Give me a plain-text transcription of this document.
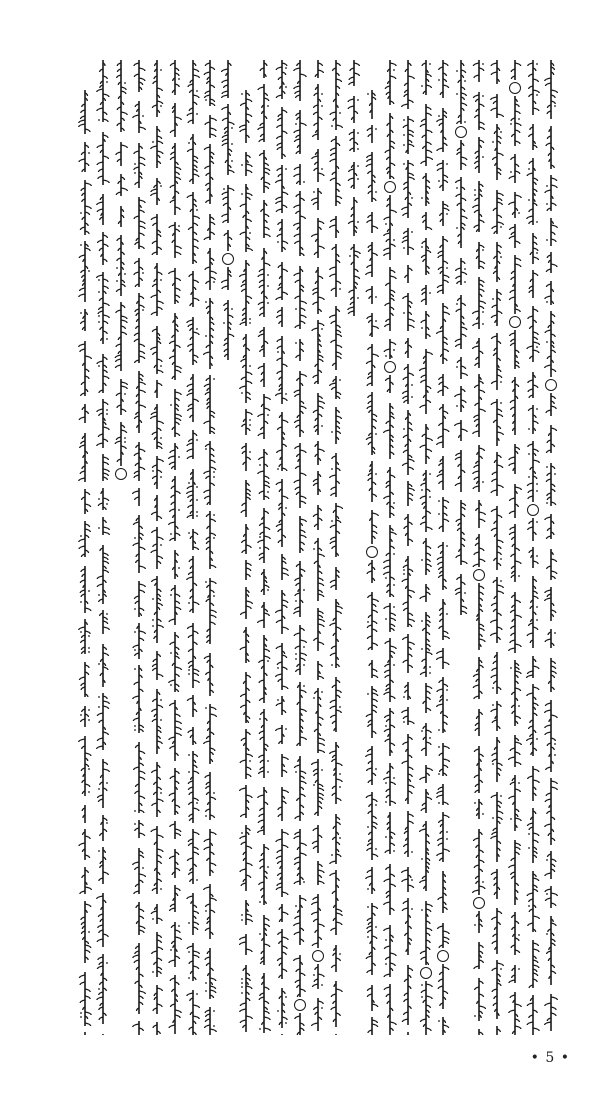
• 5 •
